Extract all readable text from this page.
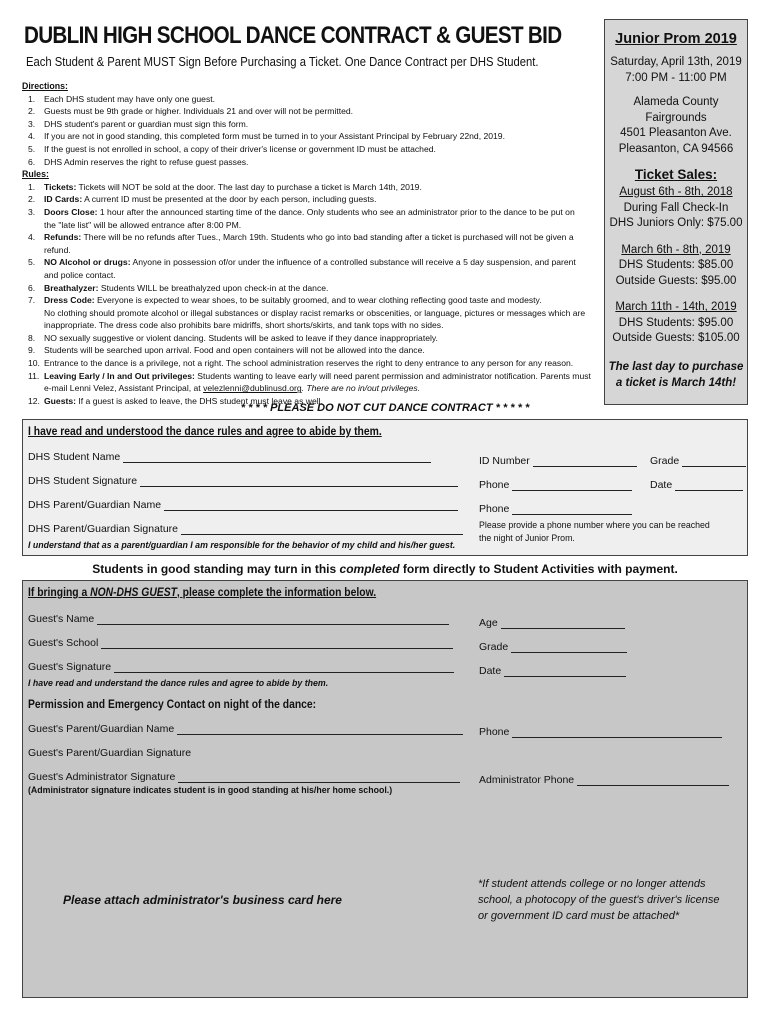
DUBLIN HIGH SCHOOL DANCE CONTRACT & GUEST BID
Each Student & Parent MUST Sign Before Purchasing a Ticket. One Dance Contract per DHS Student.
Junior Prom 2019
Saturday, April 13th, 2019
7:00 PM - 11:00 PM
Alameda County Fairgrounds
4501 Pleasanton Ave.
Pleasanton, CA 94566
Ticket Sales:
August 6th - 8th, 2018
During Fall Check-In
DHS Juniors Only: $75.00
March 6th - 8th, 2019
DHS Students: $85.00
Outside Guests: $95.00
March 11th - 14th, 2019
DHS Students: $95.00
Outside Guests: $105.00
The last day to purchase
a ticket is March 14th!
Directions:
1. Each DHS student may have only one guest.
2. Guests must be 9th grade or higher. Individuals 21 and over will not be permitted.
3. DHS student's parent or guardian must sign this form.
4. If you are not in good standing, this completed form must be turned in to your Assistant Principal by February 22nd, 2019.
5. If the guest is not enrolled in school, a copy of their driver's license or government ID must be attached.
6. DHS Admin reserves the right to refuse guest passes.
Rules:
1. Tickets: Tickets will NOT be sold at the door. The last day to purchase a ticket is March 14th, 2019.
2. ID Cards: A current ID must be presented at the door by each person, including guests.
3. Doors Close: 1 hour after the announced starting time of the dance. Only students who see an administrator prior to the dance to be put on
the "late list" will be allowed entrance after 8:00 PM.
4. Refunds: There will be no refunds after Tues., March 19th. Students who go into bad standing after a ticket is purchased will not be given a refund.
5. NO Alcohol or drugs: Anyone in possession of/or under the influence of a controlled substance will receive a 5 day suspension, and parent
and police contact.
6. Breathalyzer: Students WILL be breathalyzed upon check-in at the dance.
7. Dress Code: Everyone is expected to wear shoes, to be suitably groomed, and to wear clothing reflecting good taste and modesty.
No clothing should promote alcohol or illegal substances or display racist remarks or obscenities, or language, pictures or messages which are
inappropriate. The dress code also prohibits bare midriffs, short shorts/skirts, and tank tops with no sides.
8. NO sexually suggestive or violent dancing. Students will be asked to leave if they dance inappropriately.
9. Students will be searched upon arrival. Food and open containers will not be allowed into the dance.
10. Entrance to the dance is a privilege, not a right. The school administration reserves the right to deny entrance to any person for any reason.
11. Leaving Early / In and Out privileges: Students wanting to leave early will need parent permission and administrator notification. Parents must
e-mail Lenni Velez, Assistant Principal, at velezlenni@dublinusd.org. There are no in/out privileges.
12. Guests: If a guest is asked to leave, the DHS student must leave as well.
* * * * PLEASE DO NOT CUT DANCE CONTRACT * * * * *
I have read and understood the dance rules and agree to abide by them.
DHS Student Name
DHS Student Signature
DHS Parent/Guardian Name
DHS Parent/Guardian Signature
I understand that as a parent/guardian I am responsible for the behavior of my child and his/her guest.
ID Number	Grade
Phone	Date
Phone
Please provide a phone number where you can be reached
the night of Junior Prom.
Students in good standing may turn in this completed form directly to Student Activities with payment.
If bringing a NON-DHS GUEST, please complete the information below.
Guest's Name
Guest's School
Guest's Signature
I have read and understand the dance rules and agree to abide by them.
Age
Grade
Date
Permission and Emergency Contact on night of the dance:
Guest's Parent/Guardian Name
Guest's Parent/Guardian Signature
Guest's Administrator Signature
(Administrator signature indicates student is in good standing at his/her home school.)
Phone
Administrator Phone
Please attach administrator's business card here
*If student attends college or no longer attends
school, a photocopy of the guest's driver's license
or government ID card must be attached*
